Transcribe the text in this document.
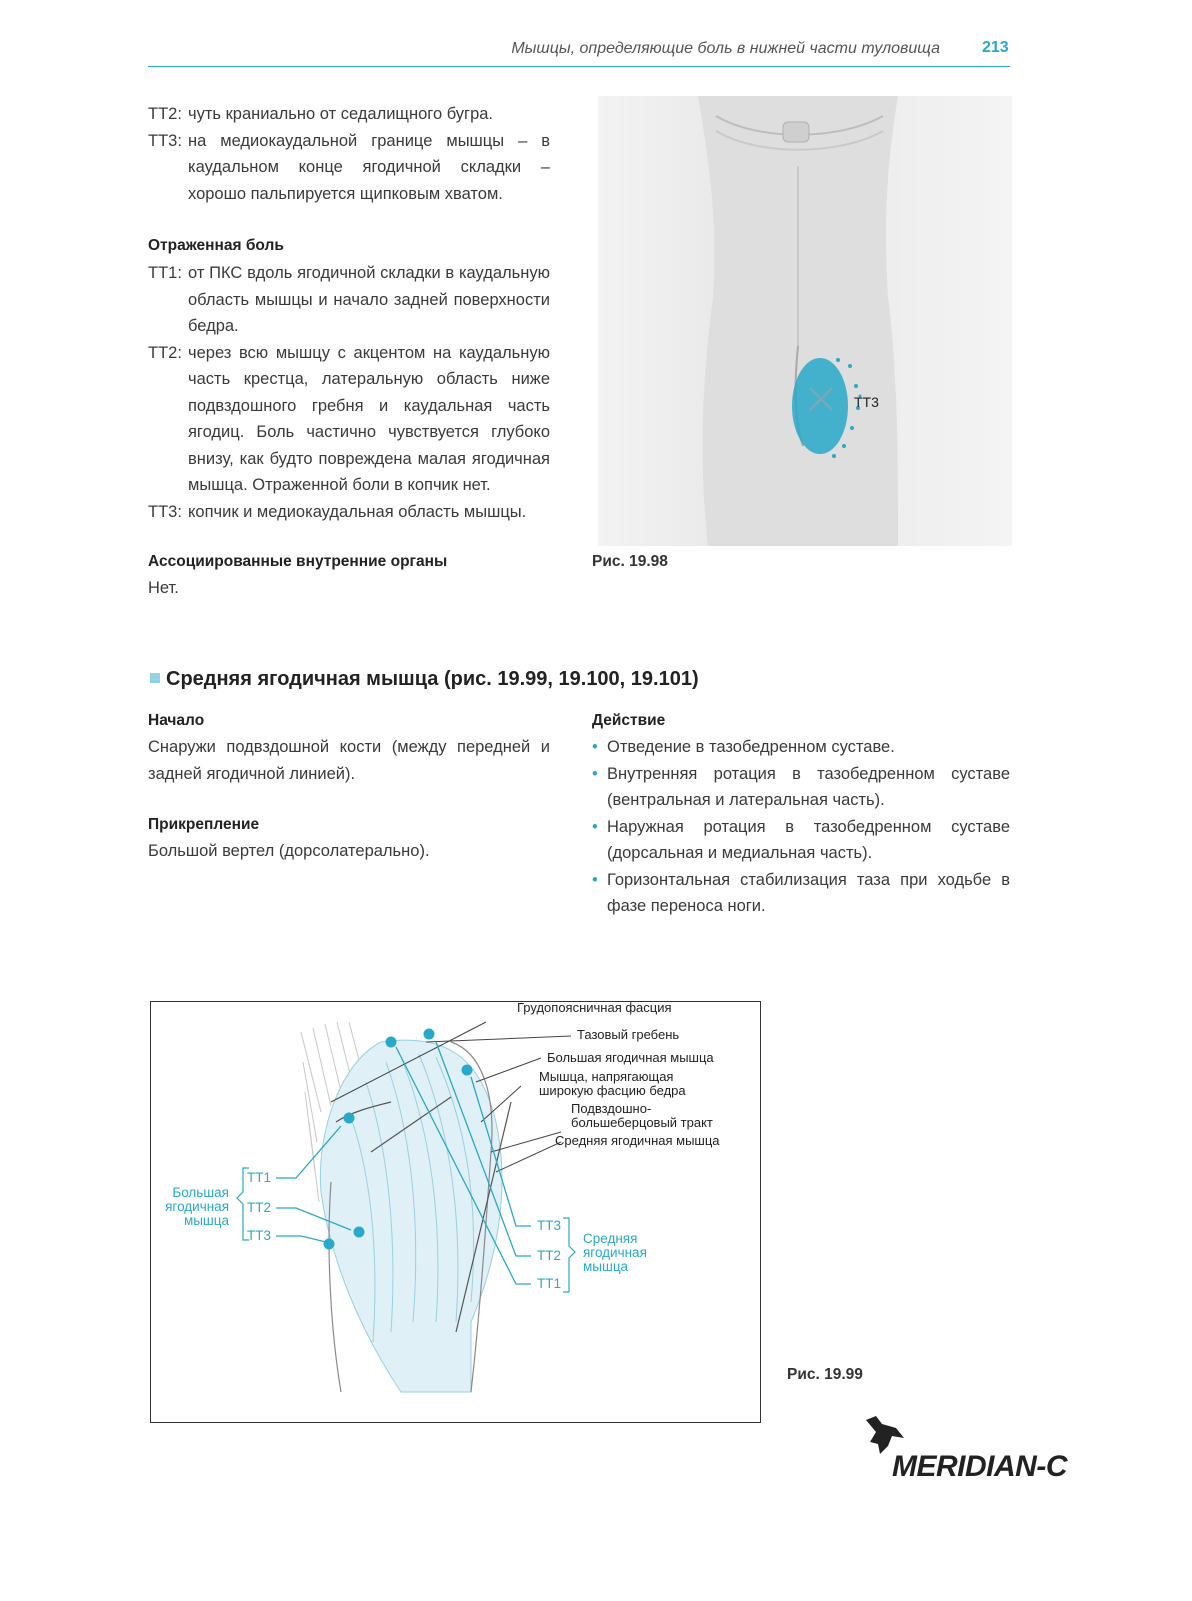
Мышцы, определяющие боль в нижней части туловища	213

ТТ2: чуть краниально от седалищного бугра.

ТТ3: на медиокаудальной границе мышцы – в каудальном конце ягодичной складки – хорошо пальпируется щипковым хватом.

Отраженная боль

ТТ1: от ПКС вдоль ягодичной складки в каудальную область мышцы и начало задней поверхности бедра.

ТТ2: через всю мышцу с акцентом на каудальную часть крестца, латеральную область ниже подвздошного гребня и каудальная часть ягодиц. Боль частично чувствуется глубоко внизу, как будто повреждена малая ягодичная мышца. Отраженной боли в копчик нет.

ТТ3: копчик и медиокаудальная область мышцы.

Ассоциированные внутренние органы
Нет.
ТТ3
Рис. 19.98
Средняя ягодичная мышца (рис. 19.99, 19.100, 19.101)
Начало
Снаружи подвздошной кости (между передней и задней ягодичной линией).
Прикрепление
Большой вертел (дорсолатерально).
Действие
• Отведение в тазобедренном суставе.
• Внутренняя ротация в тазобедренном суставе (вентральная и латеральная часть).
• Наружная ротация в тазобедренном суставе (дорсальная и медиальная часть).
• Горизонтальная стабилизация таза при ходьбе в фазе переноса ноги.
Грудопоясничная фасция
Тазовый гребень
Большая ягодичная мышца
Мышца, напрягающая
широкую фасцию бедра
Подвздошно-
большеберцовый тракт
Средняя ягодичная мышца
Большая
ягодичная
мышца
ТТ1
ТТ2
ТТ3
ТТ3
ТТ2
ТТ1
Средняя
ягодичная
мышца
Рис. 19.99
MERIDIAN-C
